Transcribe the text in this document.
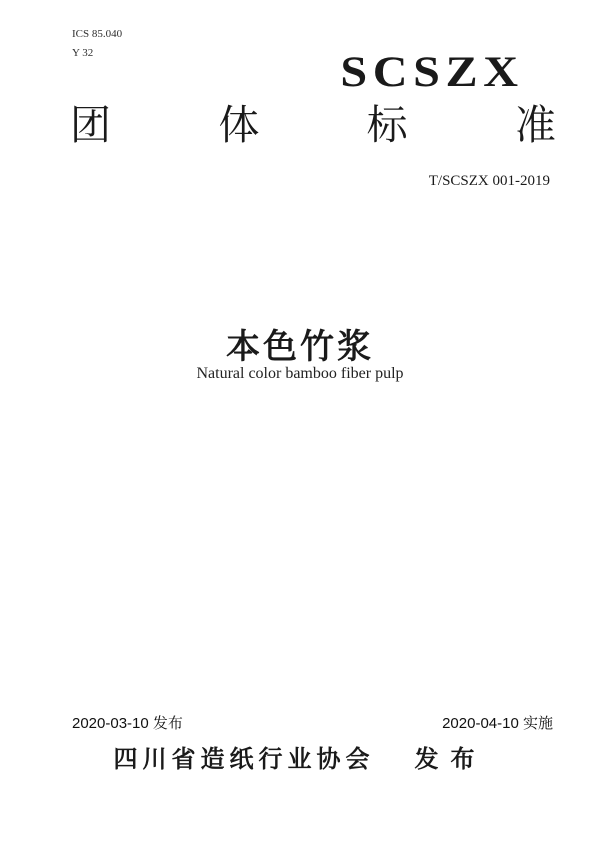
ICS 85.040
Y 32	SCSZX
团	体	标	准
T/SCSZX 001-2019
本色竹浆
Natural color bamboo fiber pulp
2020-03-10 发布	2020-04-10 实施
四川省造纸行业协会 发布
